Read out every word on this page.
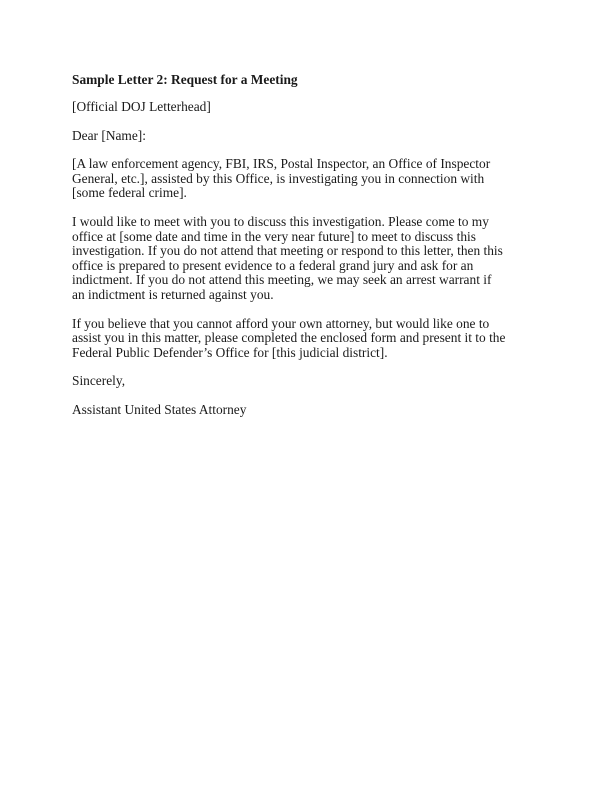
Sample Letter 2: Request for a Meeting
[Official DOJ Letterhead]
Dear [Name]:
[A law enforcement agency, FBI, IRS, Postal Inspector, an Office of Inspector
General, etc.], assisted by this Office, is investigating you in connection with
[some federal crime].
I would like to meet with you to discuss this investigation. Please come to my
office at [some date and time in the very near future] to meet to discuss this
investigation. If you do not attend that meeting or respond to this letter, then this
office is prepared to present evidence to a federal grand jury and ask for an
indictment. If you do not attend this meeting, we may seek an arrest warrant if
an indictment is returned against you.
If you believe that you cannot afford your own attorney, but would like one to
assist you in this matter, please completed the enclosed form and present it to the
Federal Public Defender’s Office for [this judicial district].
Sincerely,
Assistant United States Attorney
